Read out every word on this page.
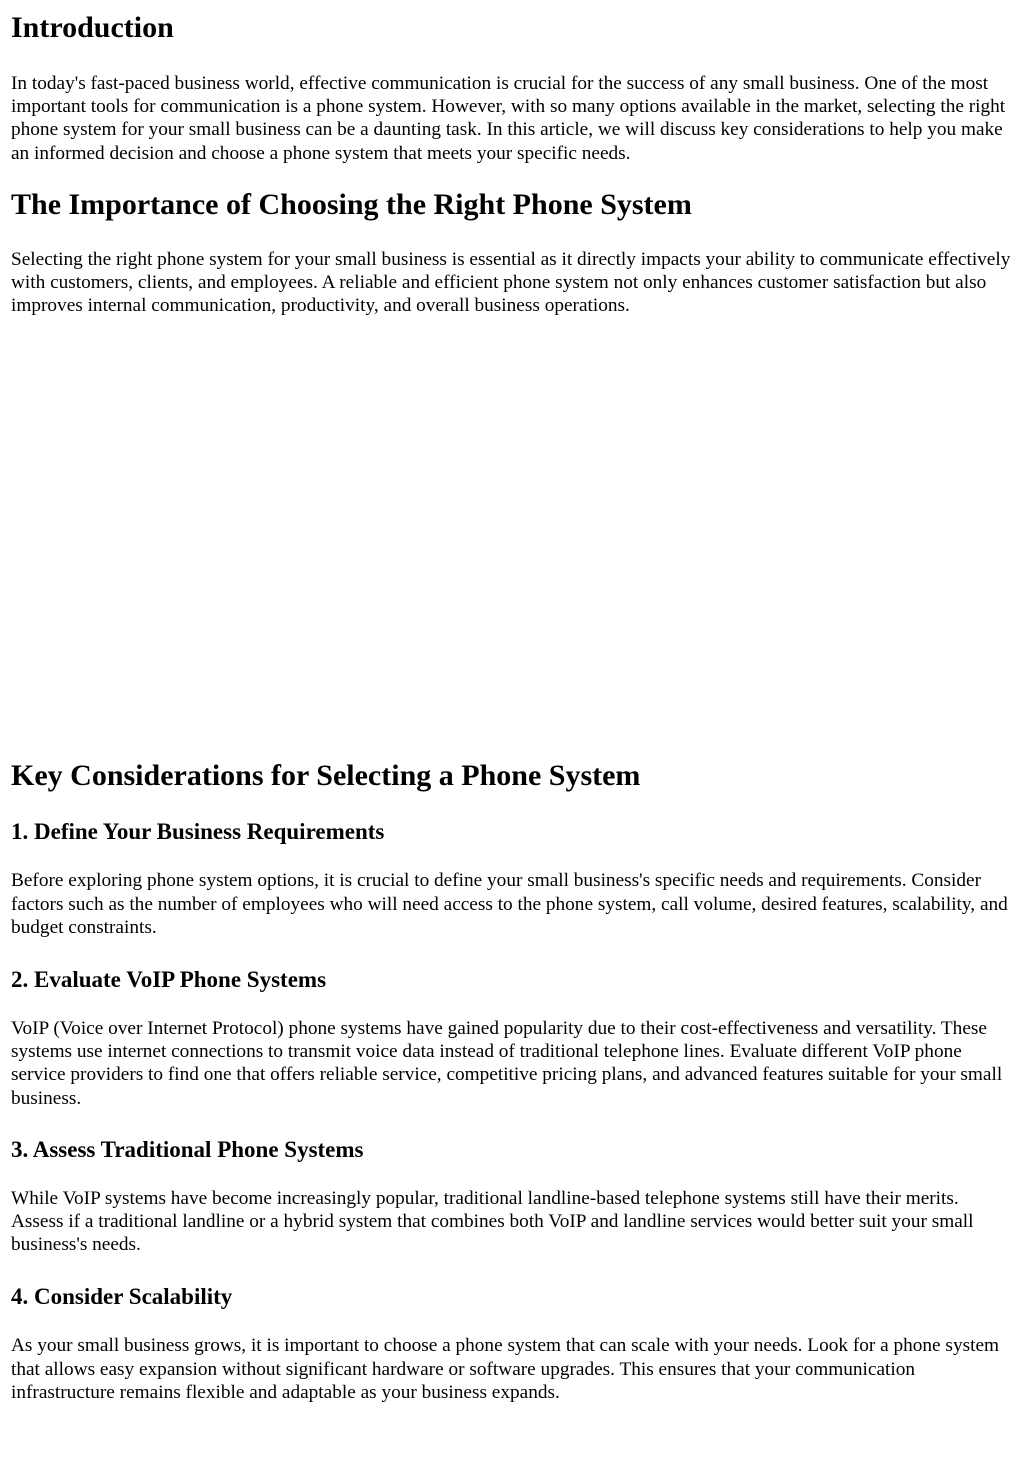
Introduction

In today's fast-paced business world, effective communication is crucial for the success of any small business. One of the most important tools for communication is a phone system. However, with so many options available in the market, selecting the right phone system for your small business can be a daunting task. In this article, we will discuss key considerations to help you make an informed decision and choose a phone system that meets your specific needs.

The Importance of Choosing the Right Phone System

Selecting the right phone system for your small business is essential as it directly impacts your ability to communicate effectively with customers, clients, and employees. A reliable and efficient phone system not only enhances customer satisfaction but also improves internal communication, productivity, and overall business operations.

Key Considerations for Selecting a Phone System
1. Define Your Business Requirements

Before exploring phone system options, it is crucial to define your small business's specific needs and requirements. Consider factors such as the number of employees who will need access to the phone system, call volume, desired features, scalability, and budget constraints.

2. Evaluate VoIP Phone Systems

VoIP (Voice over Internet Protocol) phone systems have gained popularity due to their cost-effectiveness and versatility. These systems use internet connections to transmit voice data instead of traditional telephone lines. Evaluate different VoIP phone service providers to find one that offers reliable service, competitive pricing plans, and advanced features suitable for your small business.

3. Assess Traditional Phone Systems

While VoIP systems have become increasingly popular, traditional landline-based telephone systems still have their merits. Assess if a traditional landline or a hybrid system that combines both VoIP and landline services would better suit your small business's needs.

4. Consider Scalability

As your small business grows, it is important to choose a phone system that can scale with your needs. Look for a phone system that allows easy expansion without significant hardware or software upgrades. This ensures that your communication infrastructure remains flexible and adaptable as your business expands.
